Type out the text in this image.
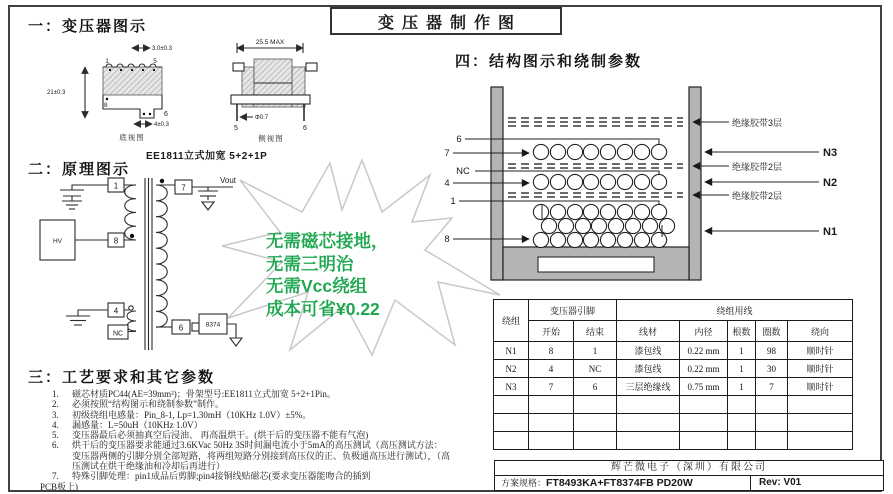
变压器制作图
一：变压器图示
二：原理图示
三：工艺要求和其它参数
四：结构图示和绕制参数
1	5
8
6
3.0±0.3
21±0.3
4±0.3
底视图
25.5 MAX
Φ0.7
5	6
侧视图
EE1811立式加宽 5+2+1P
1
HV	8
4
NC
7
Vout
6	8374
无需磁芯接地，
无需三明治
无需Vcc绕组
成本可省¥0.22
1.	磁芯材质PC44(AE=39mm²)；骨架型号:EE1811立式加宽 5+2+1Pin。
2.	必须按照“结构图示和绕制参数”制作。
3.	初级绕组电感量：Pin_8-1, Lp=1.30mH（10KHz 1.0V）±5%。
4.	漏感量：L=50uH（10KHz 1.0V）
5.	变压器最后必须抽真空后浸油、 再高温烘干。(烘干后的变压器不能有气泡)
6.	烘干后的变压器要求能通过3.6KVac 50Hz 3S时间漏电流小于5mA的高压测试（高压测试方法：变压器两侧的引脚分别全部短路，将两组短路分别接到高压仪的正、负极通高压进行测试），（高压测试在烘干绝缘油和冷却后再进行）
7.	特殊引脚处理：pin1成品后剪脚;pin4接铜线贴磁芯(要求变压器能吻合的插到
PCB板上)
6
7
NC
4
1
8
绝缘胶带3层
N3
绝缘胶带2层
N2
绝缘胶带2层
N1
绕组	变压器引脚		绕组用线				
	开始	结束	线材	内径	根数	圈数	绕向
N1	8	1	漆包线	0.22 mm	1	98	顺时针
N2	4	NC	漆包线	0.22 mm	1	30	顺时针
N3	7	6	三层绝缘线	0.75 mm	1	7	顺时针

辉芒微电子（深圳）有限公司
方案规格：FT8493KA+FT8374FB PD20W	Rev: V01
